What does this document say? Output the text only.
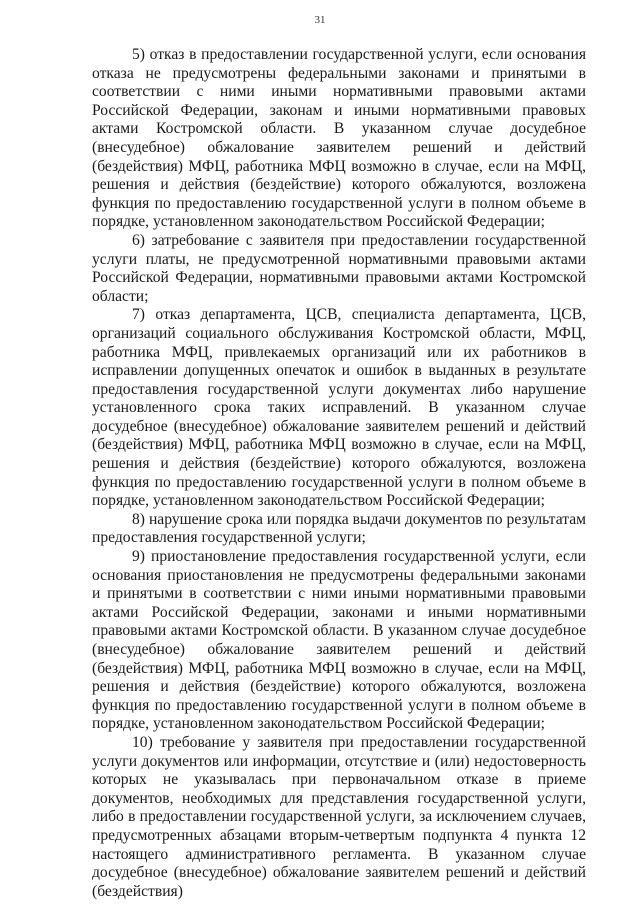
31

5) отказ в предоставлении государственной услуги, если основания отказа не предусмотрены федеральными законами и принятыми в соответствии с ними иными нормативными правовыми актами Российской Федерации, законам и иными нормативными правовых актами Костромской области. В указанном случае досудебное (внесудебное) обжалование заявителем решений и действий (бездействия) МФЦ, работника МФЦ возможно в случае, если на МФЦ, решения и действия (бездействие) которого обжалуются, возложена функция по предоставлению государственной услуги в полном объеме в порядке, установленном законодательством Российской Федерации;

6) затребование с заявителя при предоставлении государственной услуги платы, не предусмотренной нормативными правовыми актами Российской Федерации, нормативными правовыми актами Костромской области;

7) отказ департамента, ЦСВ, специалиста департамента, ЦСВ, организаций социального обслуживания Костромской области, МФЦ, работника МФЦ, привлекаемых организаций или их работников в исправлении допущенных опечаток и ошибок в выданных в результате предоставления государственной услуги документах либо нарушение установленного срока таких исправлений. В указанном случае досудебное (внесудебное) обжалование заявителем решений и действий (бездействия) МФЦ, работника МФЦ возможно в случае, если на МФЦ, решения и действия (бездействие) которого обжалуются, возложена функция по предоставлению государственной услуги в полном объеме в порядке, установленном законодательством Российской Федерации;

8) нарушение срока или порядка выдачи документов по результатам предоставления государственной услуги;

9) приостановление предоставления государственной услуги, если основания приостановления не предусмотрены федеральными законами и принятыми в соответствии с ними иными нормативными правовыми актами Российской Федерации, законами и иными нормативными правовыми актами Костромской области. В указанном случае досудебное (внесудебное) обжалование заявителем решений и действий (бездействия) МФЦ, работника МФЦ возможно в случае, если на МФЦ, решения и действия (бездействие) которого обжалуются, возложена функция по предоставлению государственной услуги в полном объеме в порядке, установленном законодательством Российской Федерации;

10) требование у заявителя при предоставлении государственной услуги документов или информации, отсутствие и (или) недостоверность которых не указывалась при первоначальном отказе в приеме документов, необходимых для представления государственной услуги, либо в предоставлении государственной услуги, за исключением случаев, предусмотренных абзацами вторым-четвертым подпункта 4 пункта 12 настоящего административного регламента. В указанном случае досудебное (внесудебное) обжалование заявителем решений и действий (бездействия)
